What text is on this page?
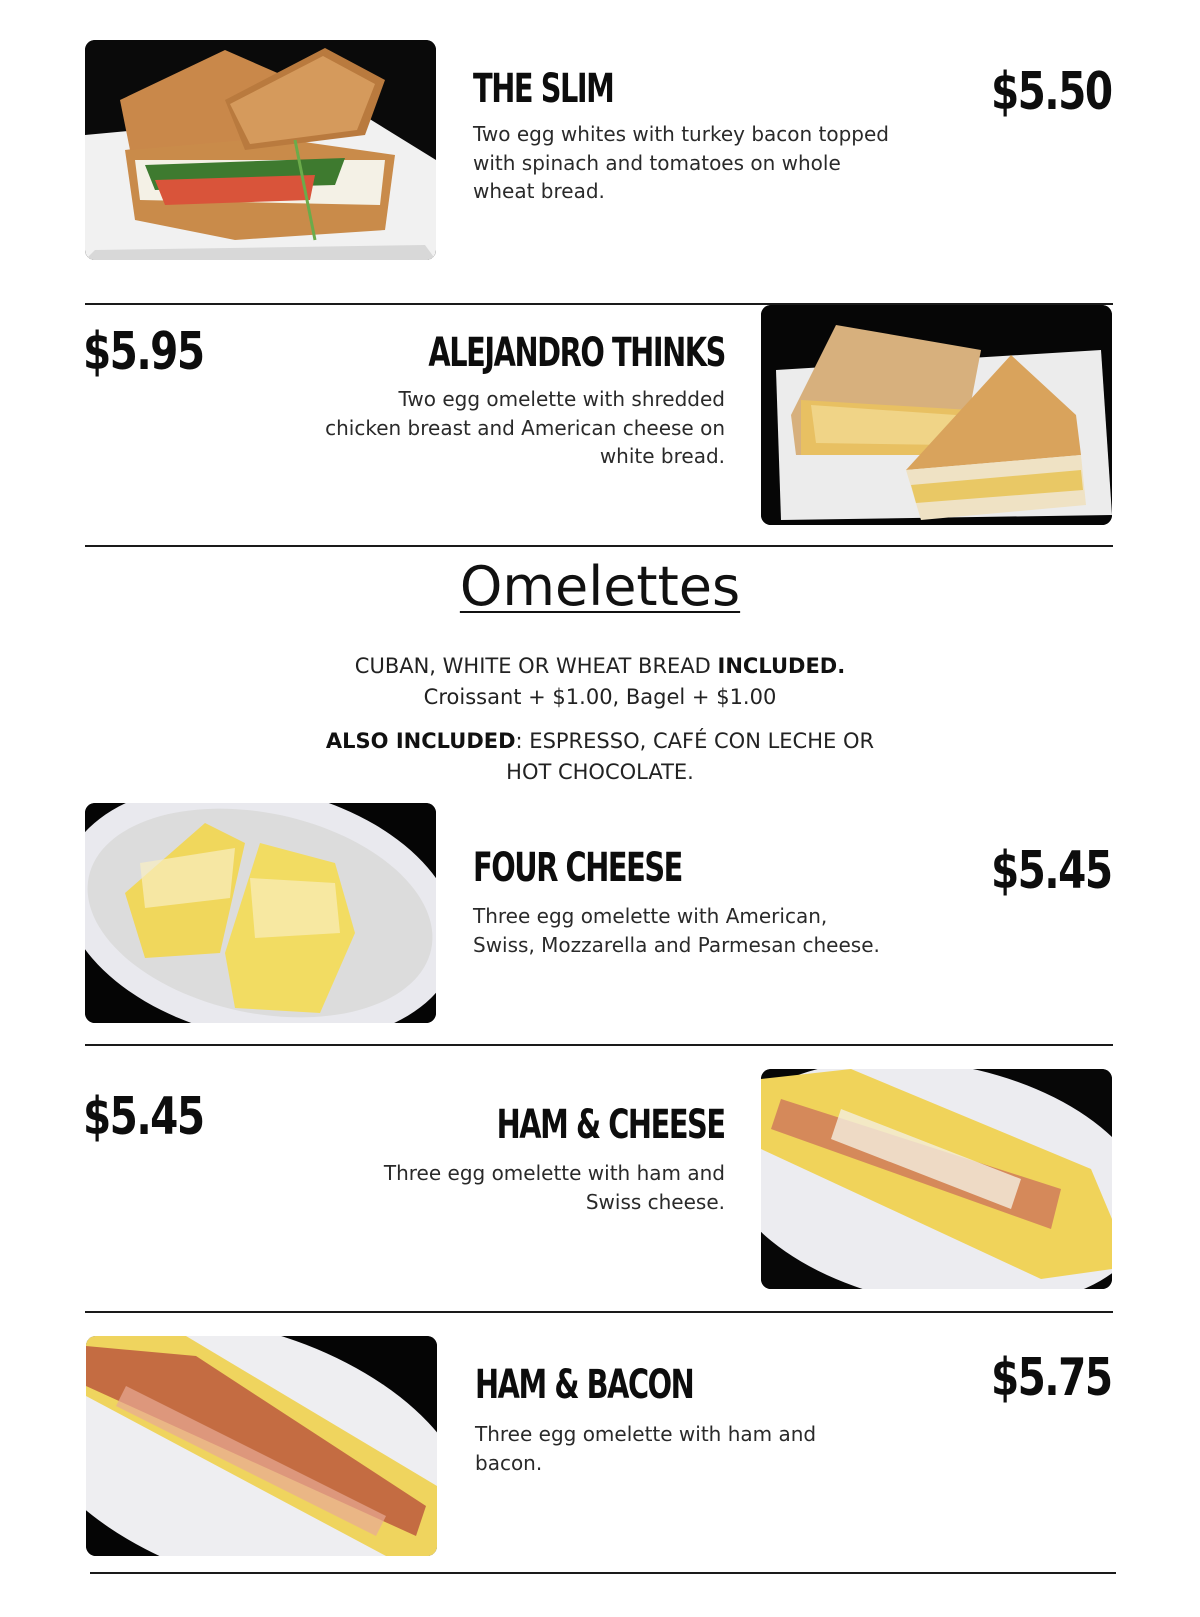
THE SLIM	$5.50

Two egg whites with turkey bacon topped with spinach and tomatoes on whole wheat bread.

$5.95	ALEJANDRO THINKS

Two egg omelette with shredded chicken breast and American cheese on white bread.

Omelettes

CUBAN, WHITE OR WHEAT BREAD INCLUDED.

Croissant + $1.00, Bagel + $1.00

ALSO INCLUDED: ESPRESSO, CAFÉ CON LECHE OR

HOT CHOCOLATE.

FOUR CHEESE	$5.45

Three egg omelette with American, Swiss, Mozzarella and Parmesan cheese.

$5.45	HAM & CHEESE

Three egg omelette with ham and Swiss cheese.

HAM & BACON	$5.75

Three egg omelette with ham and bacon.
